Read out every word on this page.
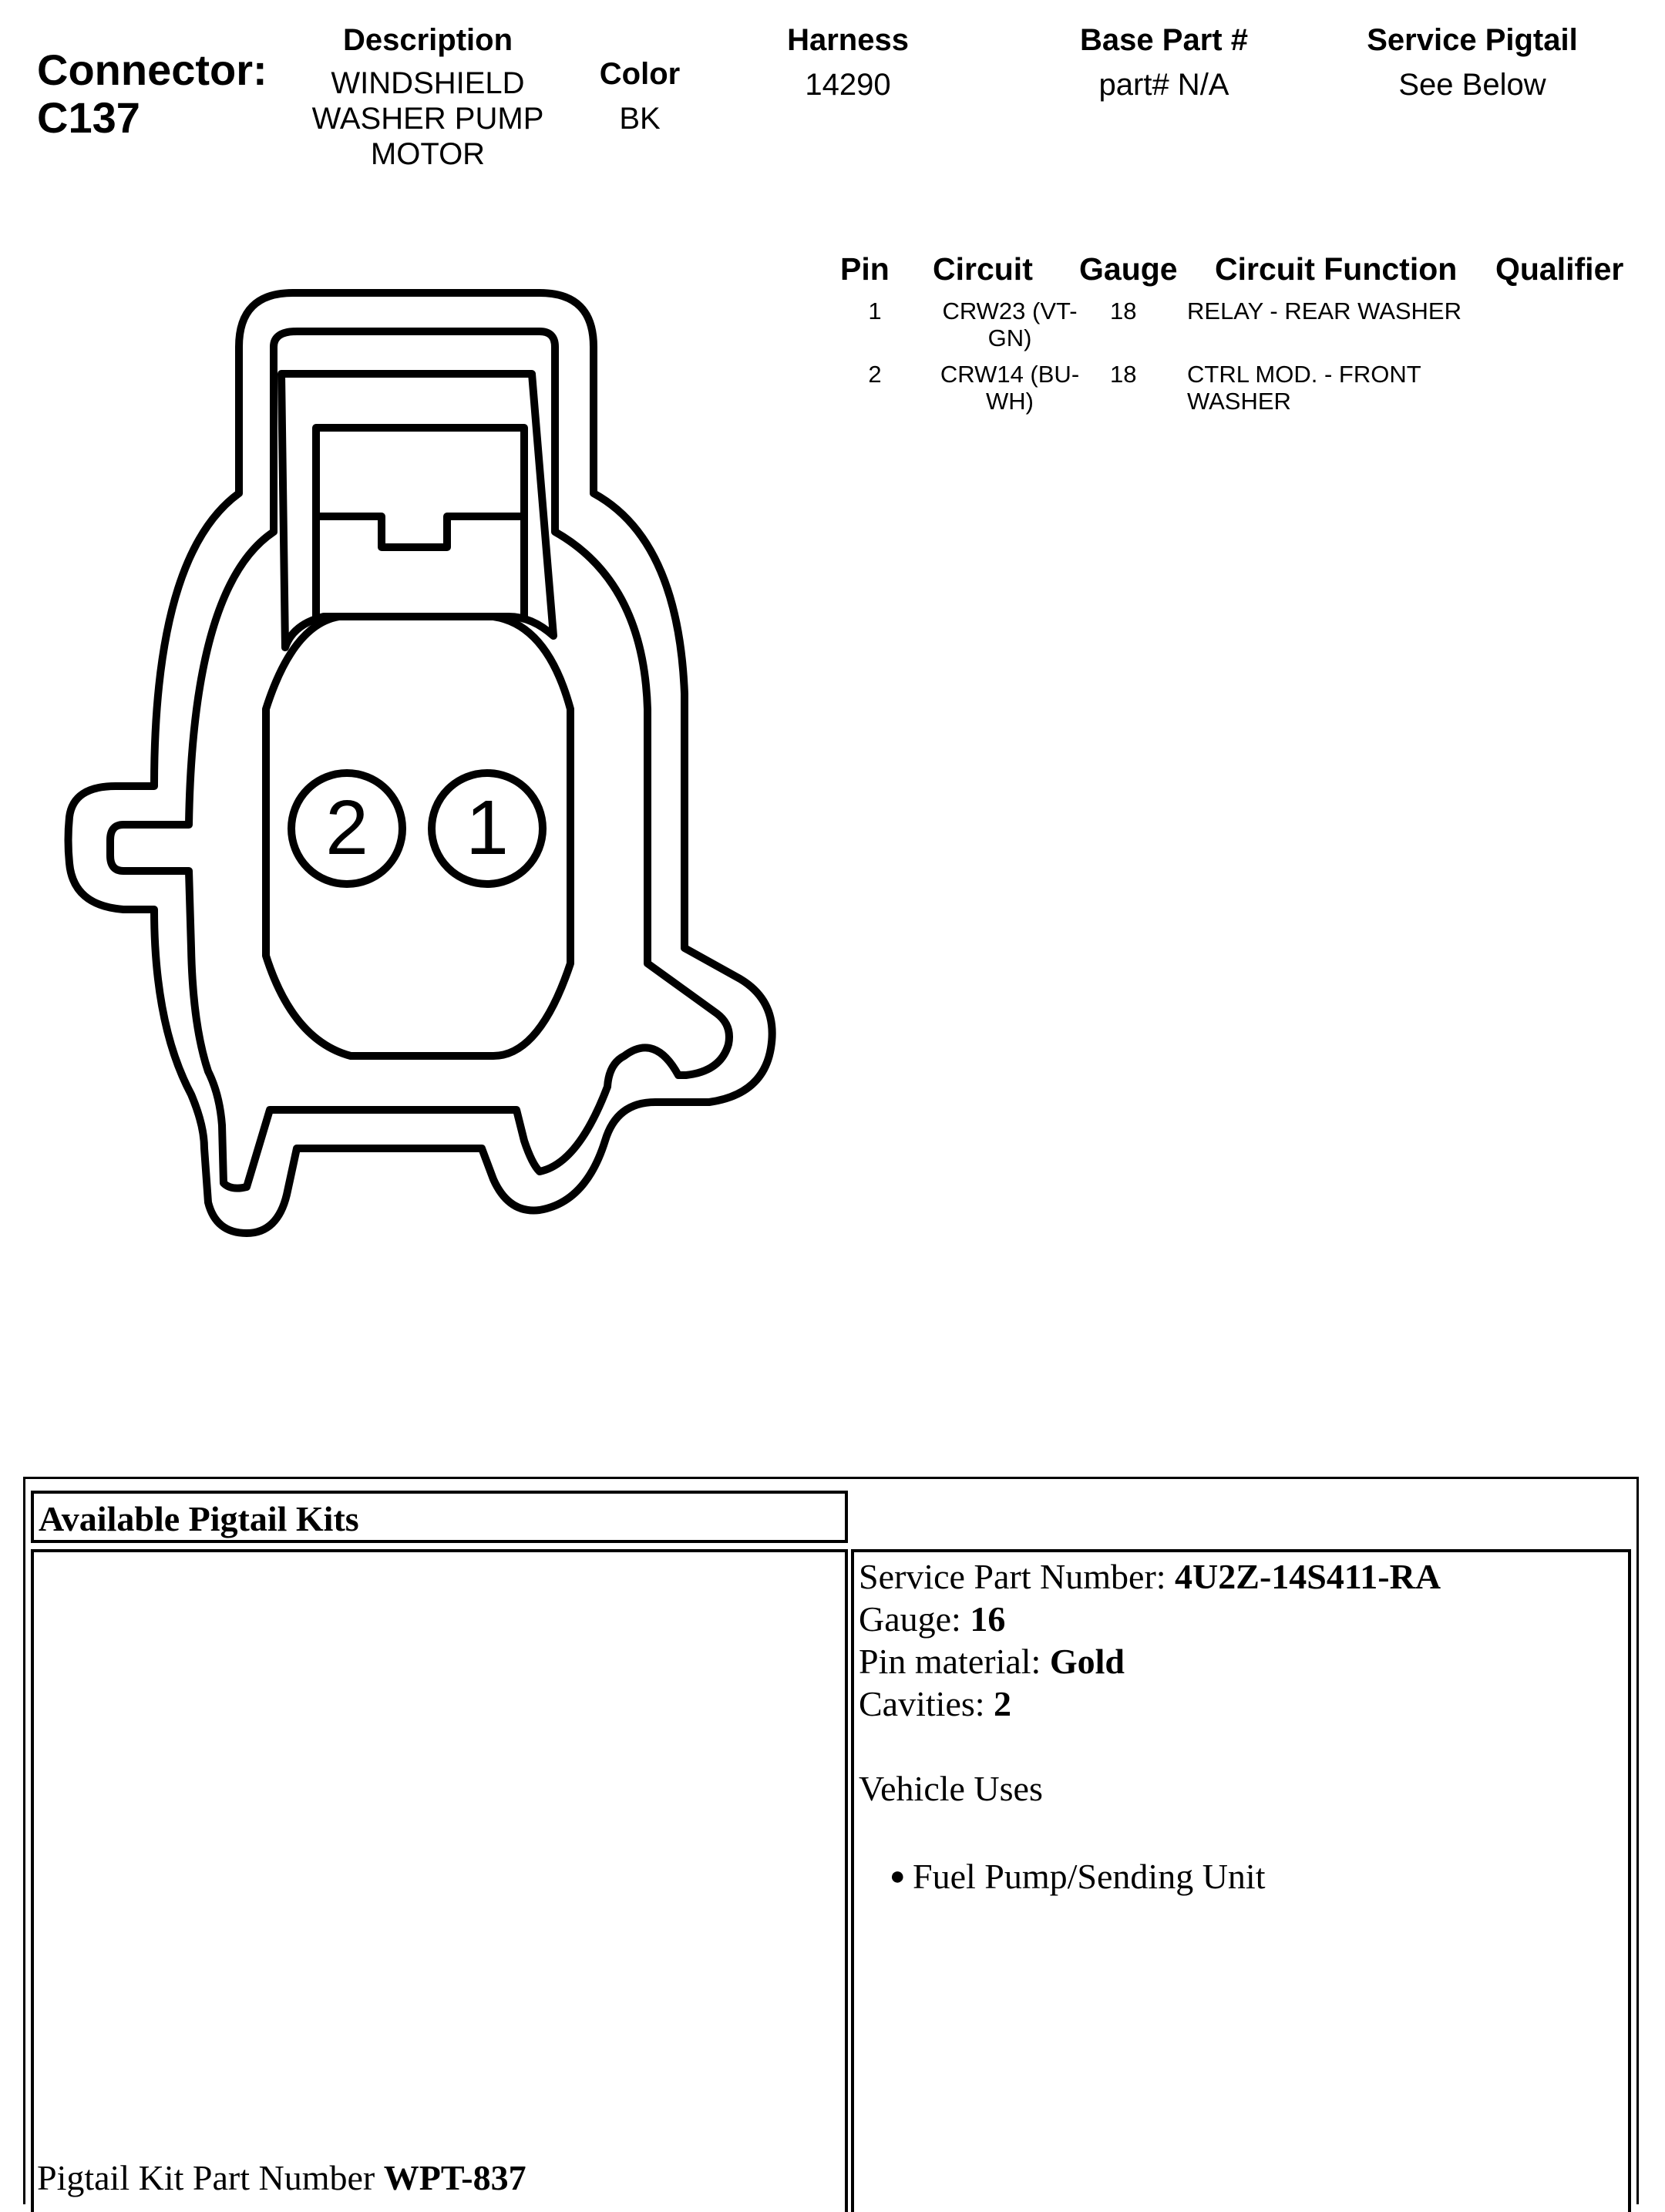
Connector:
C137
Description
WINDSHIELD
WASHER PUMP
MOTOR
Color
BK
Harness
14290
Base Part #
part# N/A
Service Pigtail
See Below
Pin Circuit Gauge Circuit Function Qualifier
1	CRW23 (VT-
GN)
18 RELAY - REAR WASHER
2	CRW14 (BU-
WH)
18 CTRL MOD. - FRONT
WASHER
2 1
Available Pigtail Kits
Pigtail Kit Part Number WPT-837
Service Part Number: 4U2Z-14S411-RA
Gauge: 16
Pin material: Gold
Cavities: 2
Vehicle Uses
● Fuel Pump/Sending Unit
